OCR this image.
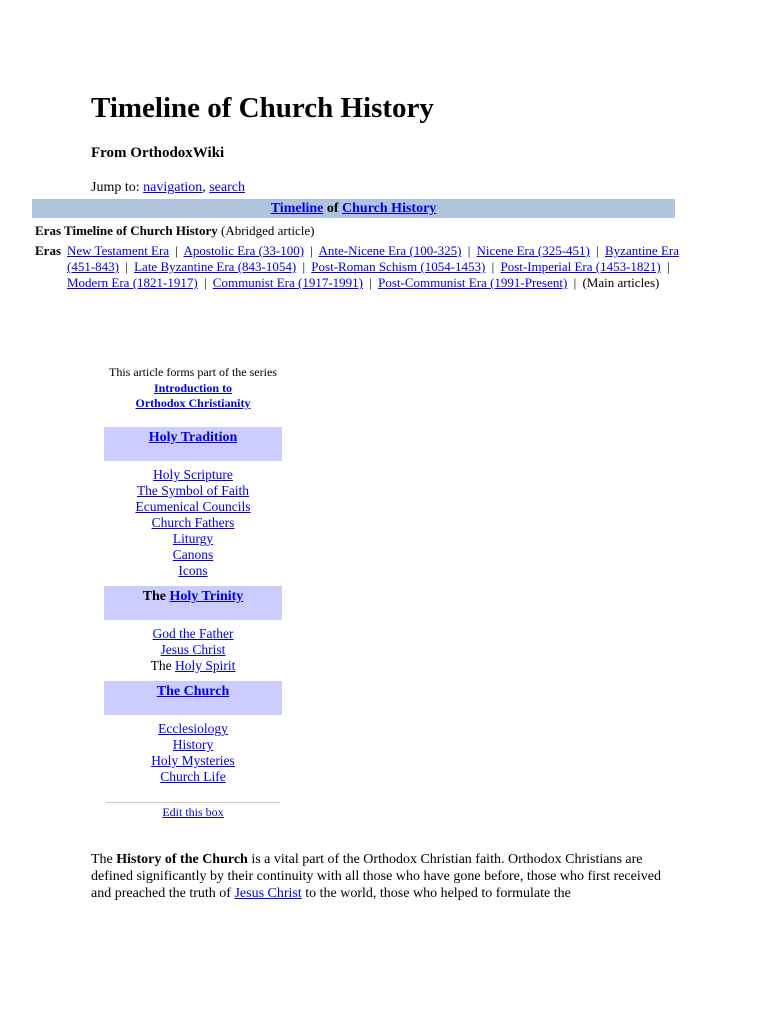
Timeline of Church History
From OrthodoxWiki
Jump to: navigation, search
Timeline of Church History
Eras Timeline of Church History (Abridged article)
Eras New Testament Era | Apostolic Era (33-100) | Ante-Nicene Era (100-325) | Nicene Era (325-451) | Byzantine Era (451-843) | Late Byzantine Era (843-1054) | Post-Roman Schism (1054-1453) | Post-Imperial Era (1453-1821) | Modern Era (1821-1917) | Communist Era (1917-1991) | Post-Communist Era (1991-Present) | (Main articles)
This article forms part of the series
Introduction to
Orthodox Christianity
Holy Tradition
Holy Scripture
The Symbol of Faith
Ecumenical Councils
Church Fathers
Liturgy
Canons
Icons
The Holy Trinity
God the Father
Jesus Christ
The Holy Spirit
The Church
Ecclesiology
History
Holy Mysteries
Church Life
Edit this box
The History of the Church is a vital part of the Orthodox Christian faith. Orthodox Christians are defined significantly by their continuity with all those who have gone before, those who first received and preached the truth of Jesus Christ to the world, those who helped to formulate the
